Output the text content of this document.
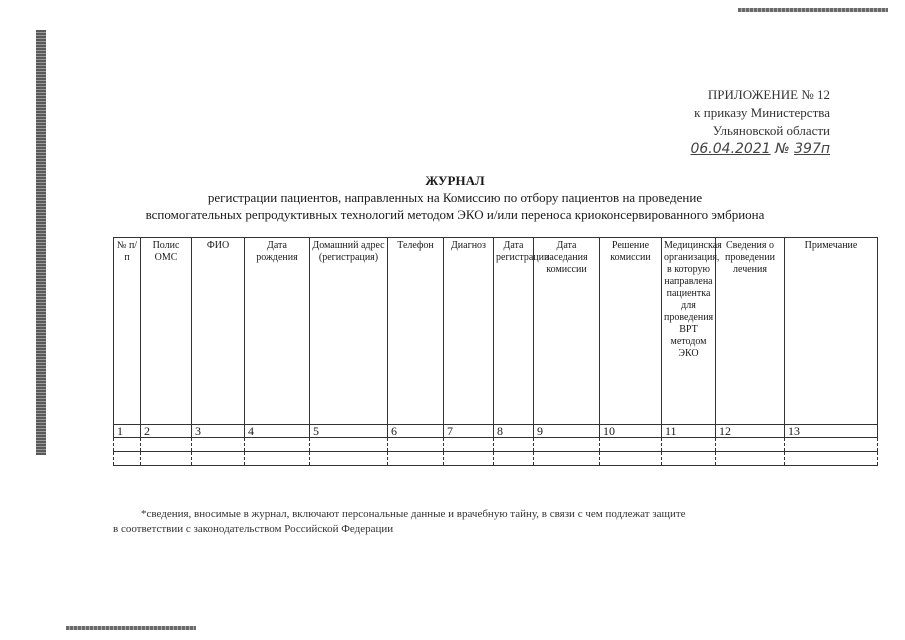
ПРИЛОЖЕНИЕ № 12
к приказу Министерства
Ульяновской области
06.04.2021 № 397п
ЖУРНАЛ
регистрации пациентов, направленных на Комиссию по отбору пациентов на проведение
вспомогательных репродуктивных технологий методом ЭКО и/или переноса криоконсервированного эмбриона
№ п/п	Полис ОМС	ФИО	Дата рождения	Домашний адрес (регистрация)	Телефон	Диагноз	Дата регистрации	Дата заседания комиссии	Решение комиссии	Медицинская организация, в которую направлена пациентка для проведения ВРТ методом ЭКО	Сведения о проведении лечения	Примечание
1	2	3	4	5	6	7	8	9	10	11	12	13

*сведения, вносимые в журнал, включают персональные данные и врачебную тайну, в связи с чем подлежат защите
в соответствии с законодательством Российской Федерации
